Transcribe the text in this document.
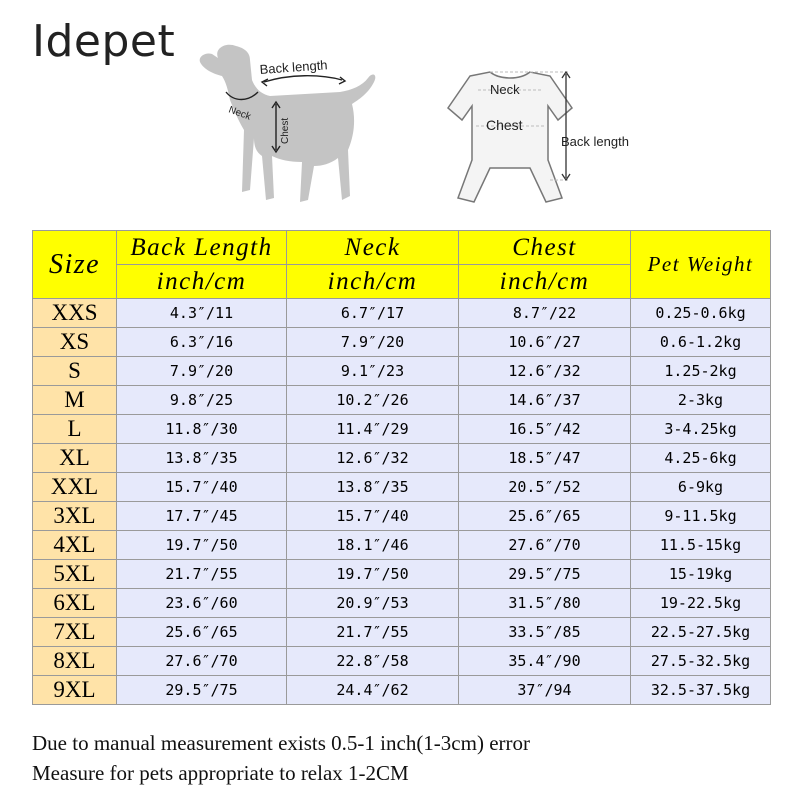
Idepet
Back length
Neck
Chest
Neck
Chest
Back length
Size	Back Length	Neck	Chest	Pet Weight
	inch/cm	inch/cm	inch/cm	
XXS	4.3″/11	6.7″/17	8.7″/22	0.25-0.6kg
XS	6.3″/16	7.9″/20	10.6″/27	0.6-1.2kg
S	7.9″/20	9.1″/23	12.6″/32	1.25-2kg
M	9.8″/25	10.2″/26	14.6″/37	2-3kg
L	11.8″/30	11.4″/29	16.5″/42	3-4.25kg
XL	13.8″/35	12.6″/32	18.5″/47	4.25-6kg
XXL	15.7″/40	13.8″/35	20.5″/52	6-9kg
3XL	17.7″/45	15.7″/40	25.6″/65	9-11.5kg
4XL	19.7″/50	18.1″/46	27.6″/70	11.5-15kg
5XL	21.7″/55	19.7″/50	29.5″/75	15-19kg
6XL	23.6″/60	20.9″/53	31.5″/80	19-22.5kg
7XL	25.6″/65	21.7″/55	33.5″/85	22.5-27.5kg
8XL	27.6″/70	22.8″/58	35.4″/90	27.5-32.5kg
9XL	29.5″/75	24.4″/62	37″/94	32.5-37.5kg
Due to manual measurement exists 0.5-1 inch(1-3cm) error
Measure for pets appropriate to relax 1-2CM
